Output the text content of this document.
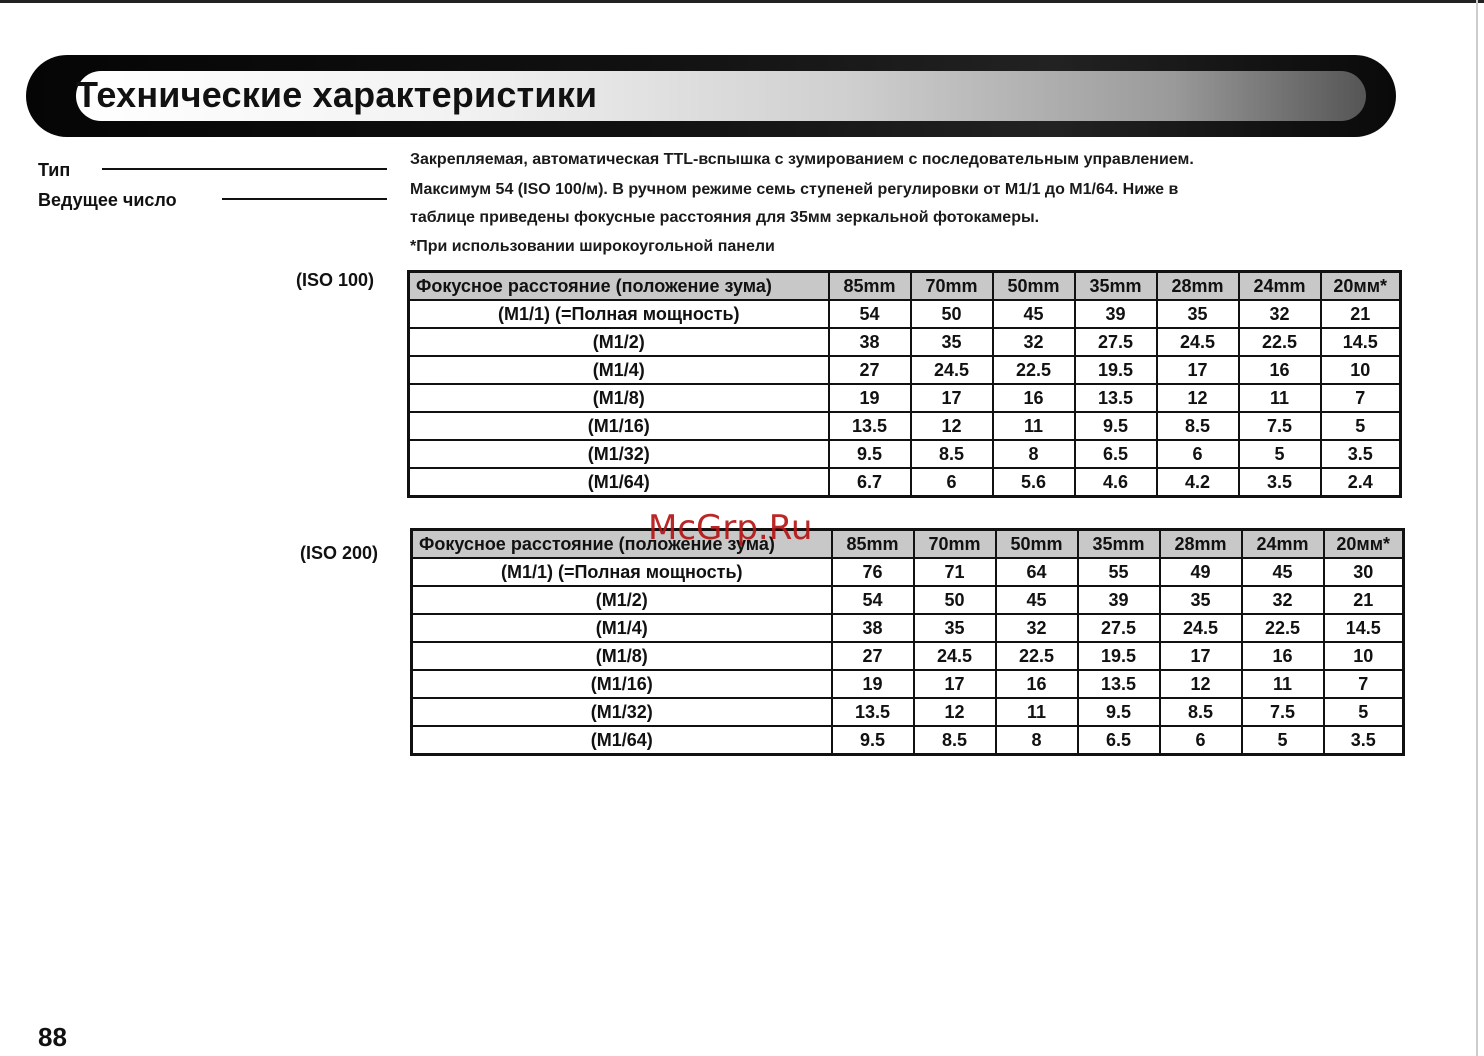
Технические характеристики
Тип
Ведущее число
Закрепляемая, автоматическая TTL-вспышка с зумированием с последовательным управлением.
Максимум 54 (ISO 100/м). В ручном режиме семь ступеней регулировки от М1/1 до М1/64. Ниже в
таблице приведены фокусные расстояния для 35мм зеркальной фотокамеры.
*При использовании широкоугольной панели
(ISO 100) Фокусное расстояние (положение зума)	85mm	70mm	50mm	35mm	28mm	24mm	20мм*
(М1/1) (=Полная мощность)	54	50	45	39	35	32	21
(М1/2)	38	35	32	27.5	24.5	22.5	14.5
(М1/4)	27	24.5	22.5	19.5	17	16	10
(М1/8)	19	17	16	13.5	12	11	7
(М1/16)	13.5	12	11	9.5	8.5	7.5	5
(М1/32)	9.5	8.5	8	6.5	6	5	3.5
(М1/64)	6.7	6	5.6	4.6	4.2	3.5	2.4
(ISO 200) Фокусное расстояние (положение зума)	85mm	70mm	50mm	35mm	28mm	24mm	20мм*
(М1/1) (=Полная мощность)	76	71	64	55	49	45	30
(М1/2)	54	50	45	39	35	32	21
(М1/4)	38	35	32	27.5	24.5	22.5	14.5
(М1/8)	27	24.5	22.5	19.5	17	16	10
(М1/16)	19	17	16	13.5	12	11	7
(М1/32)	13.5	12	11	9.5	8.5	7.5	5
(М1/64)	9.5	8.5	8	6.5	6	5	3.5
McGrp.Ru
88
